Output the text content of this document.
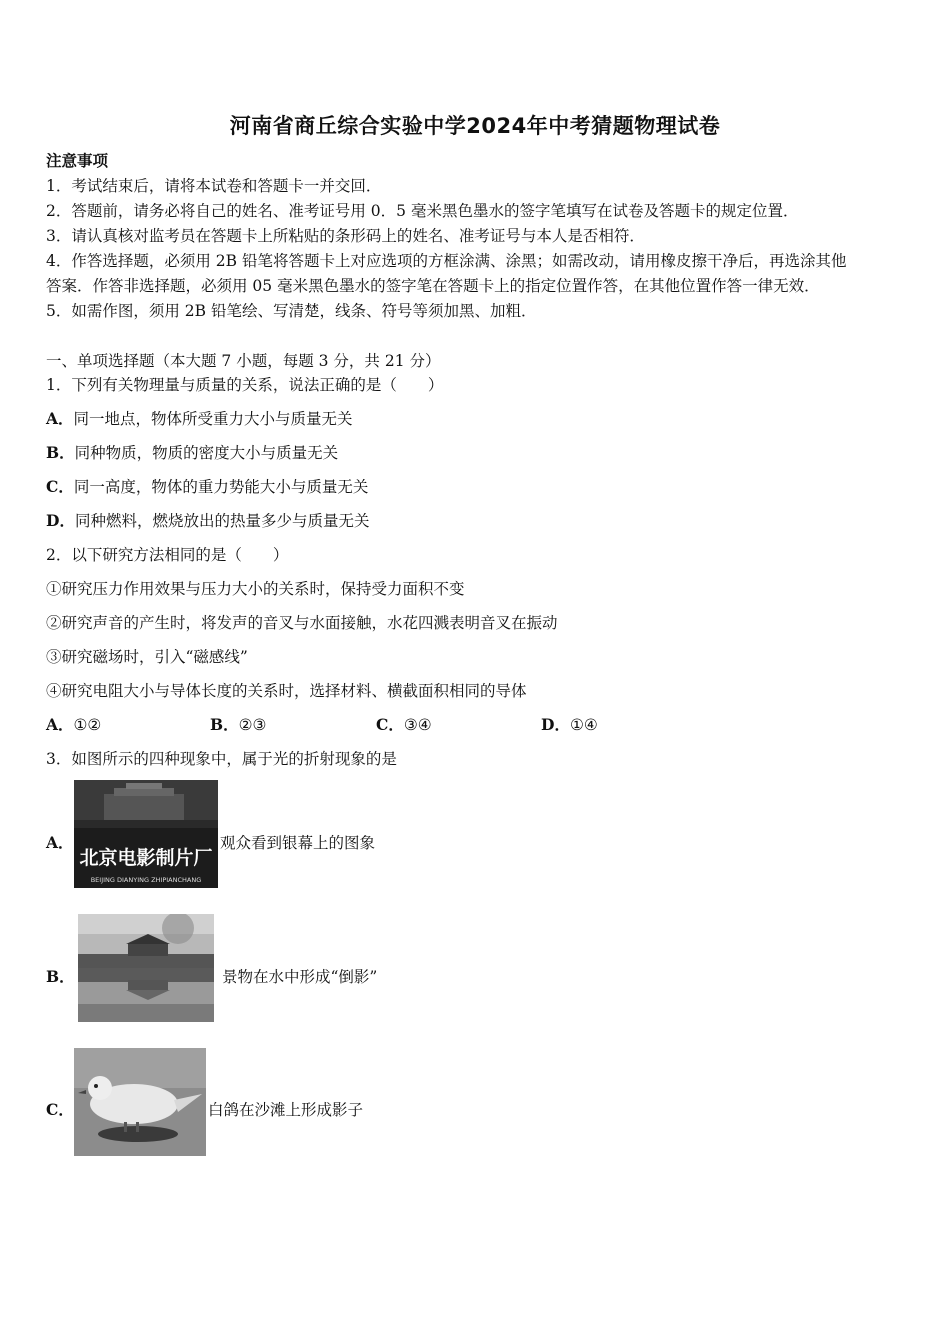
河南省商丘综合实验中学2024年中考猜题物理试卷
注意事项
1．考试结束后，请将本试卷和答题卡一并交回．
2．答题前，请务必将自己的姓名、准考证号用 0．5 毫米黑色墨水的签字笔填写在试卷及答题卡的规定位置．
3．请认真核对监考员在答题卡上所粘贴的条形码上的姓名、准考证号与本人是否相符．
4．作答选择题，必须用 2B 铅笔将答题卡上对应选项的方框涂满、涂黑；如需改动，请用橡皮擦干净后，再选涂其他
答案．作答非选择题，必须用 05 毫米黑色墨水的签字笔在答题卡上的指定位置作答，在其他位置作答一律无效．
5．如需作图，须用 2B 铅笔绘、写清楚，线条、符号等须加黑、加粗．
一、单项选择题（本大题 7 小题，每题 3 分，共 21 分）
1．下列有关物理量与质量的关系，说法正确的是（　　）
A．同一地点，物体所受重力大小与质量无关
B．同种物质，物质的密度大小与质量无关
C．同一高度，物体的重力势能大小与质量无关
D．同种燃料，燃烧放出的热量多少与质量无关
2．以下研究方法相同的是（　　）
①研究压力作用效果与压力大小的关系时，保持受力面积不变
②研究声音的产生时，将发声的音叉与水面接触，水花四溅表明音叉在振动
③研究磁场时，引入“磁感线”
④研究电阻大小与导体长度的关系时，选择材料、横截面积相同的导体
A．①②	B．②③	C．③④	D．①④
3．如图所示的四种现象中，属于光的折射现象的是
A．
北京电影制片厂
BEIJING DIANYING ZHIPIANCHANG
观众看到银幕上的图象
B．	景物在水中形成“倒影”
C．	白鸽在沙滩上形成影子
